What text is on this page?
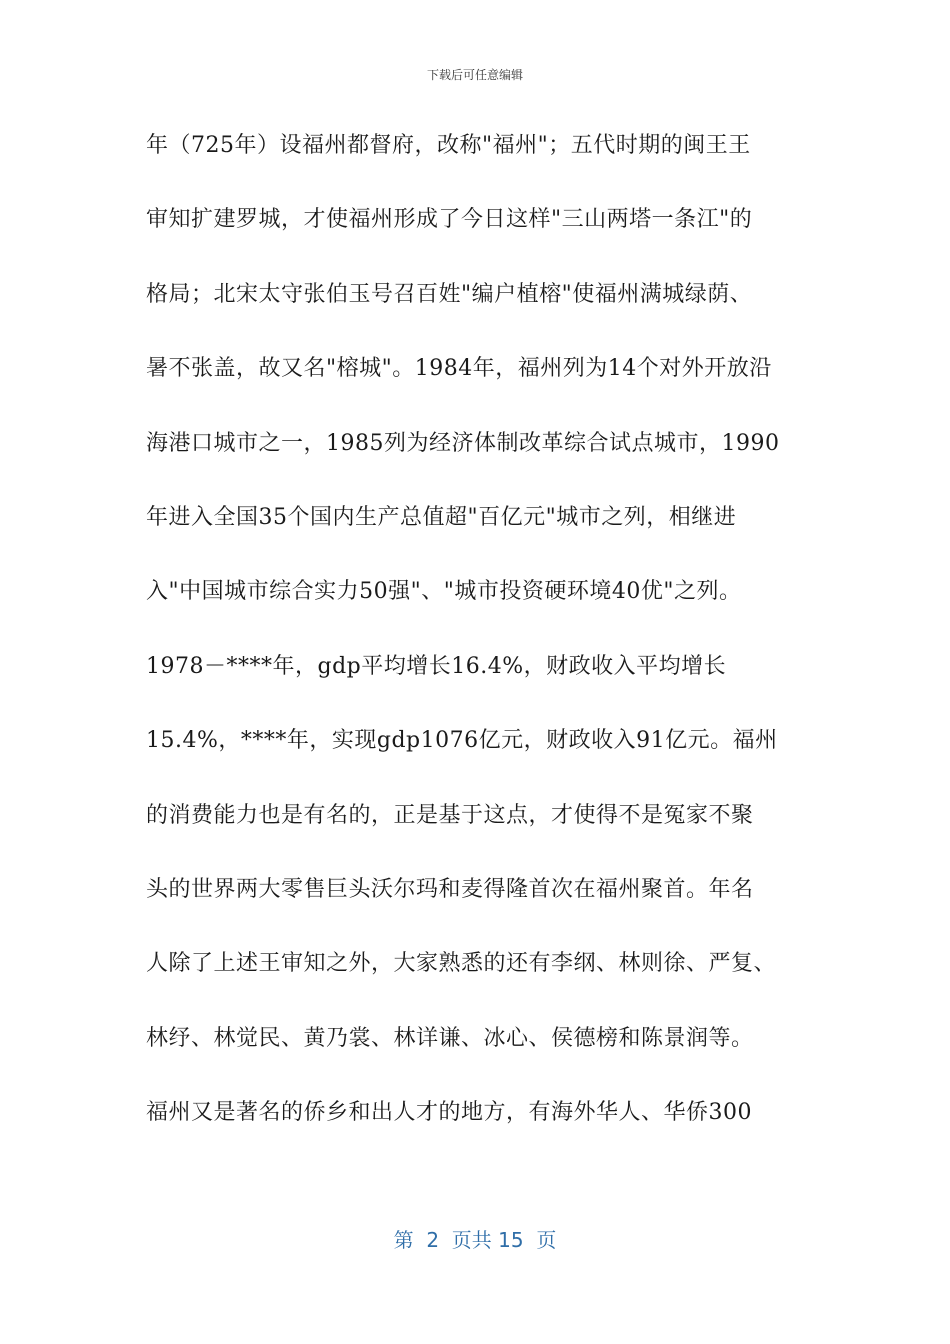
下载后可任意编辑
年（725年）设福州都督府，改称"福州"；五代时期的闽王王
审知扩建罗城，才使福州形成了今日这样"三山两塔一条江"的
格局；北宋太守张伯玉号召百姓"编户植榕"使福州满城绿荫、
暑不张盖，故又名"榕城"。1984年，福州列为14个对外开放沿
海港口城市之一，1985列为经济体制改革综合试点城市，1990
年进入全国35个国内生产总值超"百亿元"城市之列，相继进
入"中国城市综合实力50强"、"城市投资硬环境40优"之列。
1978－****年，gdp平均增长16.4%，财政收入平均增长
15.4%，****年，实现gdp1076亿元，财政收入91亿元。福州
的消费能力也是有名的，正是基于这点，才使得不是冤家不聚
头的世界两大零售巨头沃尔玛和麦得隆首次在福州聚首。年名
人除了上述王审知之外，大家熟悉的还有李纲、林则徐、严复、
林纾、林觉民、黄乃裳、林详谦、冰心、侯德榜和陈景润等。
福州又是著名的侨乡和出人才的地方，有海外华人、华侨300
第  2  页共 15  页
